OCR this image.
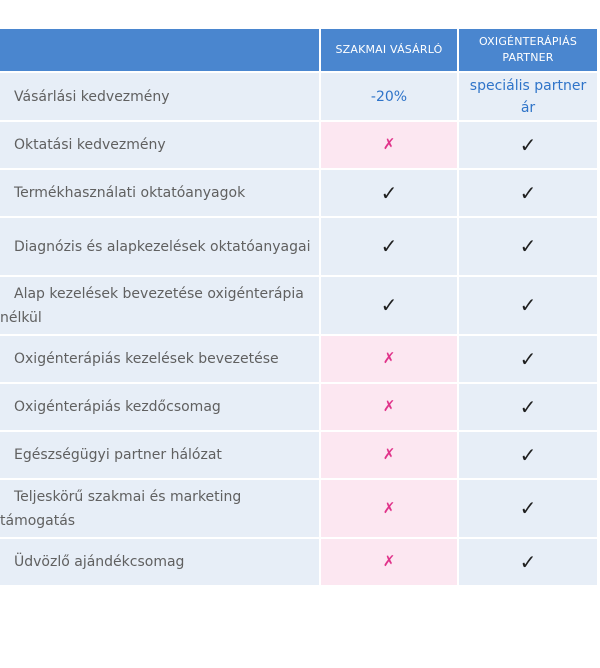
	SZAKMAI VÁSÁRLÓ	OXIGÉNTERÁPIÁS PARTNER

Vásárlási kedvezmény	-20%	speciális partner ár

Oktatási kedvezmény	✗	✓

Termékhasználati oktatóanyagok	✓	✓

Diagnózis és alapkezelések oktatóanyagai	✓	✓

Alap kezelések bevezetése oxigénterápia nélkül	✓	✓

Oxigénterápiás kezelések bevezetése	✗	✓

Oxigénterápiás kezdőcsomag	✗	✓

Egészségügyi partner hálózat	✗	✓

Teljeskörű szakmai és marketing támogatás	✗	✓

Üdvözlő ajándékcsomag	✗	✓
